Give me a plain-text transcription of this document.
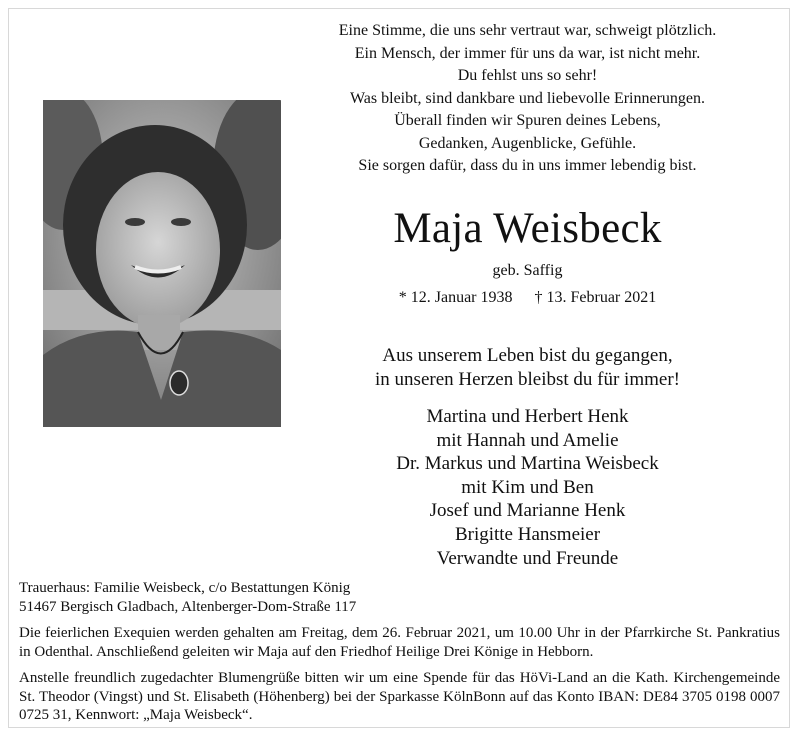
Eine Stimme, die uns sehr vertraut war, schweigt plötzlich.
Ein Mensch, der immer für uns da war, ist nicht mehr.
Du fehlst uns so sehr!
Was bleibt, sind dankbare und liebevolle Erinnerungen.
Überall finden wir Spuren deines Lebens,
Gedanken, Augenblicke, Gefühle.
Sie sorgen dafür, dass du in uns immer lebendig bist.
Maja Weisbeck
geb. Saffig
* 12. Januar 1938 † 13. Februar 2021
Aus unserem Leben bist du gegangen,
in unseren Herzen bleibst du für immer!
Martina und Herbert Henk
mit Hannah und Amelie
Dr. Markus und Martina Weisbeck
mit Kim und Ben
Josef und Marianne Henk
Brigitte Hansmeier
Verwandte und Freunde
Trauerhaus: Familie Weisbeck, c/o Bestattungen König
51467 Bergisch Gladbach, Altenberger-Dom-Straße 117
Die feierlichen Exequien werden gehalten am Freitag, dem 26. Februar 2021, um 10.00 Uhr in der Pfarrkirche St. Pankratius in Odenthal. Anschließend geleiten wir Maja auf den Friedhof Heilige Drei Könige in Hebborn.
Anstelle freundlich zugedachter Blumengrüße bitten wir um eine Spende für das HöVi-Land an die Kath. Kirchengemeinde St. Theodor (Vingst) und St. Elisabeth (Höhenberg) bei der Sparkasse KölnBonn auf das Konto IBAN: DE84 3705 0198 0007 0725 31, Kennwort: „Maja Weisbeck“.
